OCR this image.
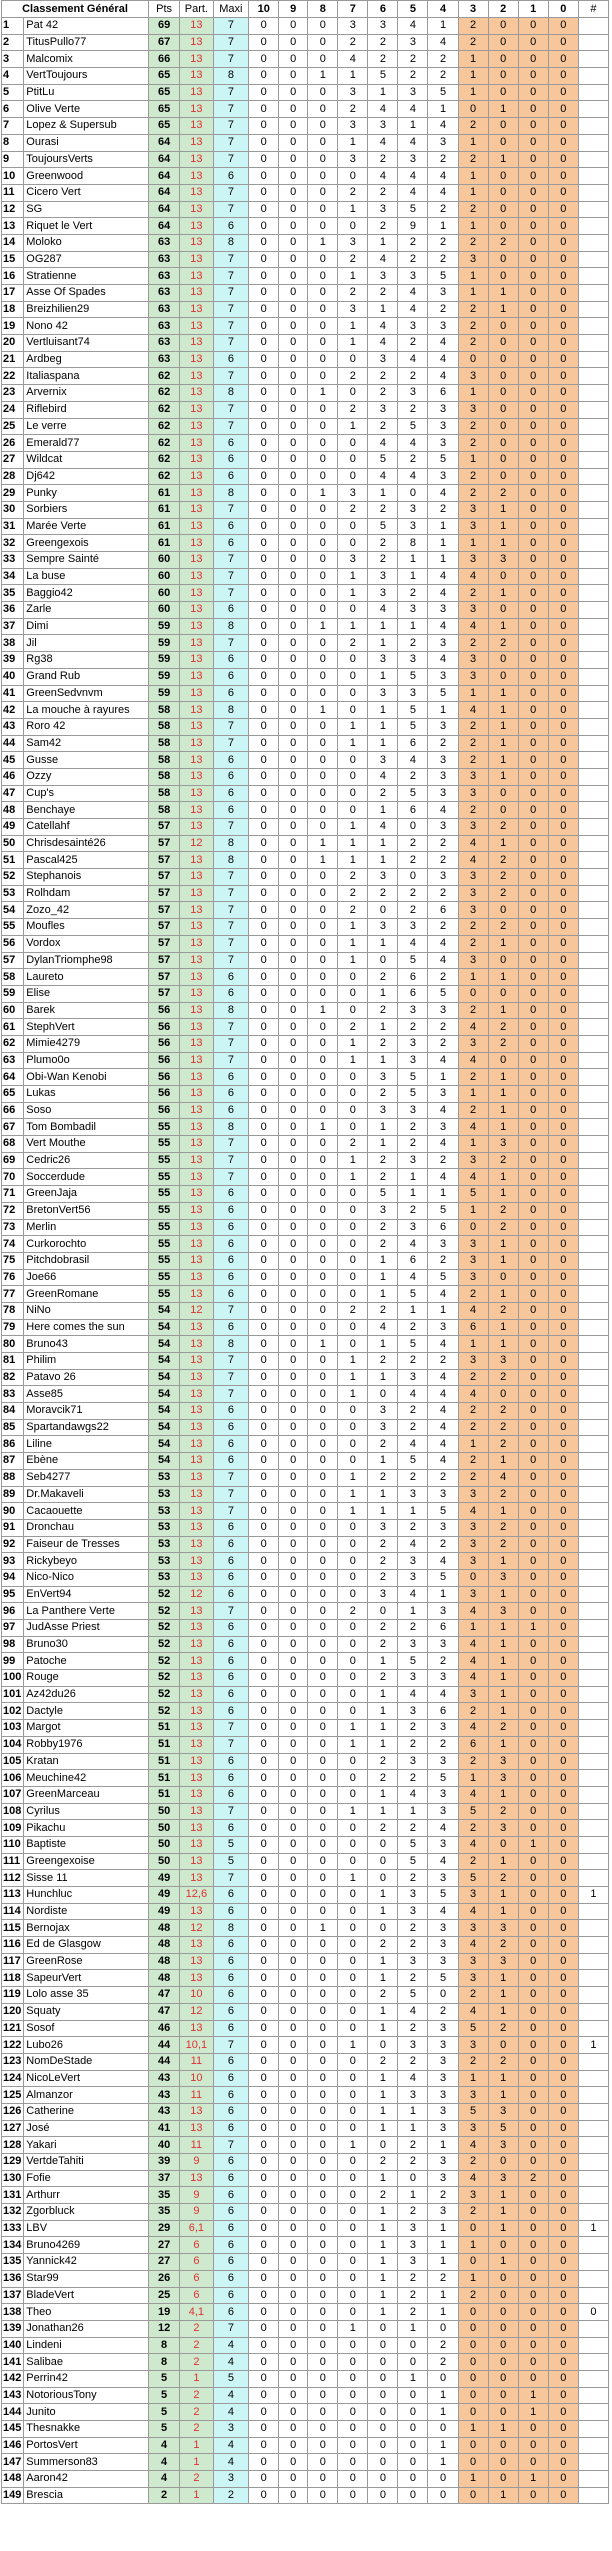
Classement Général		Pts	Part.	Maxi	10	9	8	7	6	5	4	3	2	1	0	#
1	Pat 42	69	13	7	0	0	0	3	3	4	1	2	0	0	0	
2	TitusPullo77	67	13	7	0	0	0	2	2	3	4	2	0	0	0	
3	Malcomix	66	13	7	0	0	0	4	2	2	2	1	0	0	0	
4	VertToujours	65	13	8	0	0	1	1	5	2	2	1	0	0	0	
5	PtitLu	65	13	7	0	0	0	3	1	3	5	1	0	0	0	
6	Olive Verte	65	13	7	0	0	0	2	4	4	1	0	1	0	0	
7	Lopez & Supersub	65	13	7	0	0	0	3	3	1	4	2	0	0	0	
8	Ourasi	64	13	7	0	0	0	1	4	4	3	1	0	0	0	
9	ToujoursVerts	64	13	7	0	0	0	3	2	3	2	2	1	0	0	
10	Greenwood	64	13	6	0	0	0	0	4	4	4	1	0	0	0	
11	Cicero Vert	64	13	7	0	0	0	2	2	4	4	1	0	0	0	
12	SG	64	13	7	0	0	0	1	3	5	2	2	0	0	0	
13	Riquet le Vert	64	13	6	0	0	0	0	2	9	1	1	0	0	0	
14	Moloko	63	13	8	0	0	1	3	1	2	2	2	2	0	0	
15	OG287	63	13	7	0	0	0	2	4	2	2	3	0	0	0	
16	Stratienne	63	13	7	0	0	0	1	3	3	5	1	0	0	0	
17	Asse Of Spades	63	13	7	0	0	0	2	2	4	3	1	1	0	0	
18	Breizhilien29	63	13	7	0	0	0	3	1	4	2	2	1	0	0	
19	Nono 42	63	13	7	0	0	0	1	4	3	3	2	0	0	0	
20	Vertluisant74	63	13	7	0	0	0	1	4	2	4	2	0	0	0	
21	Ardbeg	63	13	6	0	0	0	0	3	4	4	0	0	0	0	
22	Italiaspana	62	13	7	0	0	0	2	2	2	4	3	0	0	0	
23	Arvernix	62	13	8	0	0	1	0	2	3	6	1	0	0	0	
24	Riflebird	62	13	7	0	0	0	2	3	2	3	3	0	0	0	
25	Le verre	62	13	7	0	0	0	1	2	5	3	2	0	0	0	
26	Emerald77	62	13	6	0	0	0	0	4	4	3	2	0	0	0	
27	Wildcat	62	13	6	0	0	0	0	5	2	5	1	0	0	0	
28	Dj642	62	13	6	0	0	0	0	4	4	3	2	0	0	0	
29	Punky	61	13	8	0	0	1	3	1	0	4	2	2	0	0	
30	Sorbiers	61	13	7	0	0	0	2	2	3	2	3	1	0	0	
31	Marée Verte	61	13	6	0	0	0	0	5	3	1	3	1	0	0	
32	Greengexois	61	13	6	0	0	0	0	2	8	1	1	1	0	0	
33	Sempre Sainté	60	13	7	0	0	0	3	2	1	1	3	3	0	0	
34	La buse	60	13	7	0	0	0	1	3	1	4	4	0	0	0	
35	Baggio42	60	13	7	0	0	0	1	3	2	4	2	1	0	0	
36	Zarle	60	13	6	0	0	0	0	4	3	3	3	0	0	0	
37	Dimi	59	13	8	0	0	1	1	1	1	4	4	1	0	0	
38	Jil	59	13	7	0	0	0	2	1	2	3	2	2	0	0	
39	Rg38	59	13	6	0	0	0	0	3	3	4	3	0	0	0	
40	Grand Rub	59	13	6	0	0	0	0	1	5	3	3	0	0	0	
41	GreenSedvnvm	59	13	6	0	0	0	0	3	3	5	1	1	0	0	
42	La mouche à rayures	58	13	8	0	0	1	0	1	5	1	4	1	0	0	
43	Roro 42	58	13	7	0	0	0	1	1	5	3	2	1	0	0	
44	Sam42	58	13	7	0	0	0	1	1	6	2	2	1	0	0	
45	Gusse	58	13	6	0	0	0	0	3	4	3	2	1	0	0	
46	Ozzy	58	13	6	0	0	0	0	4	2	3	3	1	0	0	
47	Cup's	58	13	6	0	0	0	0	2	5	3	3	0	0	0	
48	Benchaye	58	13	6	0	0	0	0	1	6	4	2	0	0	0	
49	Catellahf	57	13	7	0	0	0	1	4	0	3	3	2	0	0	
50	Chrisdesainté26	57	12	8	0	0	1	1	1	2	2	4	1	0	0	
51	Pascal425	57	13	8	0	0	1	1	1	2	2	4	2	0	0	
52	Stephanois	57	13	7	0	0	0	2	3	0	3	3	2	0	0	
53	Rolhdam	57	13	7	0	0	0	2	2	2	2	3	2	0	0	
54	Zozo_42	57	13	7	0	0	0	2	0	2	6	3	0	0	0	
55	Moufles	57	13	7	0	0	0	1	3	3	2	2	2	0	0	
56	Vordox	57	13	7	0	0	0	1	1	4	4	2	1	0	0	
57	DylanTriomphe98	57	13	7	0	0	0	1	0	5	4	3	0	0	0	
58	Laureto	57	13	6	0	0	0	0	2	6	2	1	1	0	0	
59	Elise	57	13	6	0	0	0	0	1	6	5	0	0	0	0	
60	Barek	56	13	8	0	0	1	0	2	3	3	2	1	0	0	
61	StephVert	56	13	7	0	0	0	2	1	2	2	4	2	0	0	
62	Mimie4279	56	13	7	0	0	0	1	2	3	2	3	2	0	0	
63	Plumo0o	56	13	7	0	0	0	1	1	3	4	4	0	0	0	
64	Obi-Wan Kenobi	56	13	6	0	0	0	0	3	5	1	2	1	0	0	
65	Lukas	56	13	6	0	0	0	0	2	5	3	1	1	0	0	
66	Soso	56	13	6	0	0	0	0	3	3	4	2	1	0	0	
67	Tom Bombadil	55	13	8	0	0	1	0	1	2	3	4	1	0	0	
68	Vert Mouthe	55	13	7	0	0	0	2	1	2	4	1	3	0	0	
69	Cedric26	55	13	7	0	0	0	1	2	3	2	3	2	0	0	
70	Soccerdude	55	13	7	0	0	0	1	2	1	4	4	1	0	0	
71	GreenJaja	55	13	6	0	0	0	0	5	1	1	5	1	0	0	
72	BretonVert56	55	13	6	0	0	0	0	3	2	5	1	2	0	0	
73	Merlin	55	13	6	0	0	0	0	2	3	6	0	2	0	0	
74	Curkorochto	55	13	6	0	0	0	0	2	4	3	3	1	0	0	
75	Pitchdobrasil	55	13	6	0	0	0	0	1	6	2	3	1	0	0	
76	Joe66	55	13	6	0	0	0	0	1	4	5	3	0	0	0	
77	GreenRomane	55	13	6	0	0	0	0	1	5	4	2	1	0	0	
78	NiNo	54	12	7	0	0	0	2	2	1	1	4	2	0	0	
79	Here comes the sun	54	13	6	0	0	0	0	4	2	3	6	1	0	0	
80	Bruno43	54	13	8	0	0	1	0	1	5	4	1	1	0	0	
81	Philim	54	13	7	0	0	0	1	2	2	2	3	3	0	0	
82	Patavo 26	54	13	7	0	0	0	1	1	3	4	2	2	0	0	
83	Asse85	54	13	7	0	0	0	1	0	4	4	4	0	0	0	
84	Moravcik71	54	13	6	0	0	0	0	3	2	4	2	2	0	0	
85	Spartandawgs22	54	13	6	0	0	0	0	3	2	4	2	2	0	0	
86	Liline	54	13	6	0	0	0	0	2	4	4	1	2	0	0	
87	Ebène	54	13	6	0	0	0	0	1	5	4	2	1	0	0	
88	Seb4277	53	13	7	0	0	0	1	2	2	2	2	4	0	0	
89	Dr.Makaveli	53	13	7	0	0	0	1	1	3	3	3	2	0	0	
90	Cacaouette	53	13	7	0	0	0	1	1	1	5	4	1	0	0	
91	Dronchau	53	13	6	0	0	0	0	3	2	3	3	2	0	0	
92	Faiseur de Tresses	53	13	6	0	0	0	0	2	4	2	3	2	0	0	
93	Rickybeyo	53	13	6	0	0	0	0	2	3	4	3	1	0	0	
94	Nico-Nico	53	13	6	0	0	0	0	2	3	5	0	3	0	0	
95	EnVert94	52	12	6	0	0	0	0	3	4	1	3	1	0	0	
96	La Panthere Verte	52	13	7	0	0	0	2	0	1	3	4	3	0	0	
97	JudAsse Priest	52	13	6	0	0	0	0	2	2	6	1	1	1	0	
98	Bruno30	52	13	6	0	0	0	0	2	3	3	4	1	0	0	
99	Patoche	52	13	6	0	0	0	0	1	5	2	4	1	0	0	
100	Rouge	52	13	6	0	0	0	0	2	3	3	4	1	0	0	
101	Az42du26	52	13	6	0	0	0	0	1	4	4	3	1	0	0	
102	Dactyle	52	13	6	0	0	0	0	1	3	6	2	1	0	0	
103	Margot	51	13	7	0	0	0	1	1	2	3	4	2	0	0	
104	Robby1976	51	13	7	0	0	0	1	1	2	2	6	1	0	0	
105	Kratan	51	13	6	0	0	0	0	2	3	3	2	3	0	0	
106	Meuchine42	51	13	6	0	0	0	0	2	2	5	1	3	0	0	
107	GreenMarceau	51	13	6	0	0	0	0	1	4	3	4	1	0	0	
108	Cyrilus	50	13	7	0	0	0	1	1	1	3	5	2	0	0	
109	Pikachu	50	13	6	0	0	0	0	2	2	4	2	3	0	0	
110	Baptiste	50	13	5	0	0	0	0	0	5	3	4	0	1	0	
111	Greengexoise	50	13	5	0	0	0	0	0	5	4	2	1	0	0	
112	Sisse 11	49	13	7	0	0	0	1	0	2	3	5	2	0	0	
113	Hunchluc	49	12,6	6	0	0	0	0	1	3	5	3	1	0	0	1
114	Nordiste	49	13	6	0	0	0	0	1	3	4	4	1	0	0	
115	Bernojax	48	12	8	0	0	1	0	0	2	3	3	3	0	0	
116	Ed de Glasgow	48	13	6	0	0	0	0	2	2	3	4	2	0	0	
117	GreenRose	48	13	6	0	0	0	0	1	3	3	3	3	0	0	
118	SapeurVert	48	13	6	0	0	0	0	1	2	5	3	1	0	0	
119	Lolo asse 35	47	10	6	0	0	0	0	2	5	0	2	1	0	0	
120	Squaty	47	12	6	0	0	0	0	1	4	2	4	1	0	0	
121	Sosof	46	13	6	0	0	0	0	1	2	3	5	2	0	0	
122	Lubo26	44	10,1	7	0	0	0	1	0	3	3	3	0	0	0	1
123	NomDeStade	44	11	6	0	0	0	0	2	2	3	2	2	0	0	
124	NicoLeVert	43	10	6	0	0	0	0	1	4	3	1	1	0	0	
125	Almanzor	43	11	6	0	0	0	0	1	3	3	3	1	0	0	
126	Catherine	43	13	6	0	0	0	0	1	1	3	5	3	0	0	
127	José	41	13	6	0	0	0	0	1	1	3	3	5	0	0	
128	Yakari	40	11	7	0	0	0	1	0	2	1	4	3	0	0	
129	VertdeTahiti	39	9	6	0	0	0	0	2	2	3	2	0	0	0	
130	Fofie	37	13	6	0	0	0	0	1	0	3	4	3	2	0	
131	Arthurr	35	9	6	0	0	0	0	2	1	2	3	1	0	0	
132	Zgorbluck	35	9	6	0	0	0	0	1	2	3	2	1	0	0	
133	LBV	29	6,1	6	0	0	0	0	1	3	1	0	1	0	0	1
134	Bruno4269	27	6	6	0	0	0	0	1	3	1	1	0	0	0	
135	Yannick42	27	6	6	0	0	0	0	1	3	1	0	1	0	0	
136	Star99	26	6	6	0	0	0	0	1	2	2	1	0	0	0	
137	BladeVert	25	6	6	0	0	0	0	1	2	1	2	0	0	0	
138	Theo	19	4,1	6	0	0	0	0	1	2	1	0	0	0	0	0
139	Jonathan26	12	2	7	0	0	0	1	0	1	0	0	0	0	0	
140	Lindeni	8	2	4	0	0	0	0	0	0	2	0	0	0	0	
141	Salibae	8	2	4	0	0	0	0	0	0	2	0	0	0	0	
142	Perrin42	5	1	5	0	0	0	0	0	1	0	0	0	0	0	
143	NotoriousTony	5	2	4	0	0	0	0	0	0	1	0	0	1	0	
144	Junito	5	2	4	0	0	0	0	0	0	1	0	0	1	0	
145	Thesnakke	5	2	3	0	0	0	0	0	0	0	1	1	0	0	
146	PortosVert	4	1	4	0	0	0	0	0	0	1	0	0	0	0	
147	Summerson83	4	1	4	0	0	0	0	0	0	1	0	0	0	0	
148	Aaron42	4	2	3	0	0	0	0	0	0	0	1	0	1	0	
149	Brescia	2	1	2	0	0	0	0	0	0	0	0	1	0	0	
